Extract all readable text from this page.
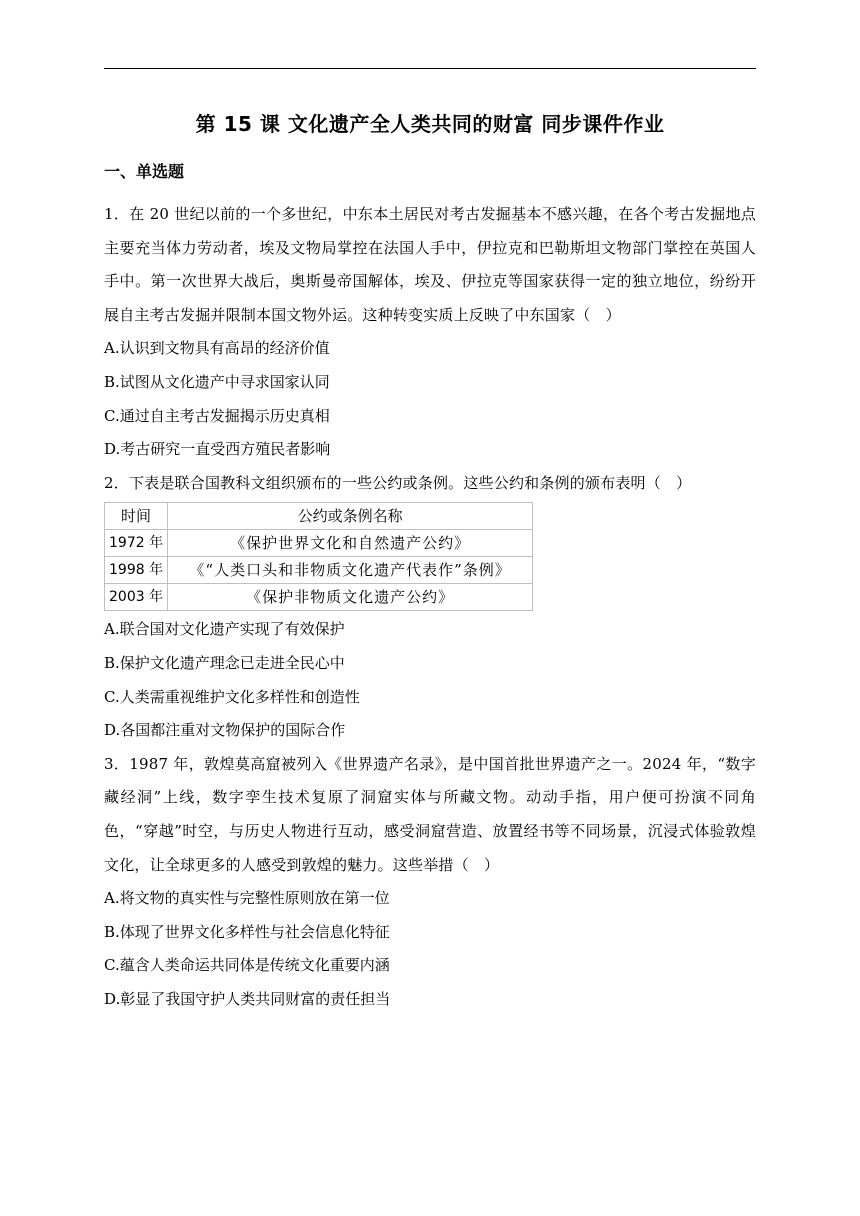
第 15 课 文化遗产全人类共同的财富 同步课件作业
一、单选题

1．在 20 世纪以前的一个多世纪，中东本土居民对考古发掘基本不感兴趣，在各个考古发掘地点主要充当体力劳动者，埃及文物局掌控在法国人手中，伊拉克和巴勒斯坦文物部门掌控在英国人手中。第一次世界大战后，奥斯曼帝国解体，埃及、伊拉克等国家获得一定的独立地位，纷纷开展自主考古发掘并限制本国文物外运。这种转变实质上反映了中东国家（　）

A.认识到文物具有高昂的经济价值

B.试图从文化遗产中寻求国家认同

C.通过自主考古发掘揭示历史真相

D.考古研究一直受西方殖民者影响

2．下表是联合国教科文组织颁布的一些公约或条例。这些公约和条例的颁布表明（　）

时间	公约或条例名称
1972 年	《保护世界文化和自然遗产公约》
1998 年	《“人类口头和非物质文化遗产代表作”条例》
2003 年	《保护非物质文化遗产公约》

A.联合国对文化遗产实现了有效保护

B.保护文化遗产理念已走进全民心中

C.人类需重视维护文化多样性和创造性

D.各国都注重对文物保护的国际合作

3．1987 年，敦煌莫高窟被列入《世界遗产名录》，是中国首批世界遗产之一。2024 年，“数字藏经洞”上线，数字孪生技术复原了洞窟实体与所藏文物。动动手指，用户便可扮演不同角色，“穿越”时空，与历史人物进行互动，感受洞窟营造、放置经书等不同场景，沉浸式体验敦煌文化，让全球更多的人感受到敦煌的魅力。这些举措（　）

A.将文物的真实性与完整性原则放在第一位

B.体现了世界文化多样性与社会信息化特征

C.蕴含人类命运共同体是传统文化重要内涵

D.彰显了我国守护人类共同财富的责任担当
